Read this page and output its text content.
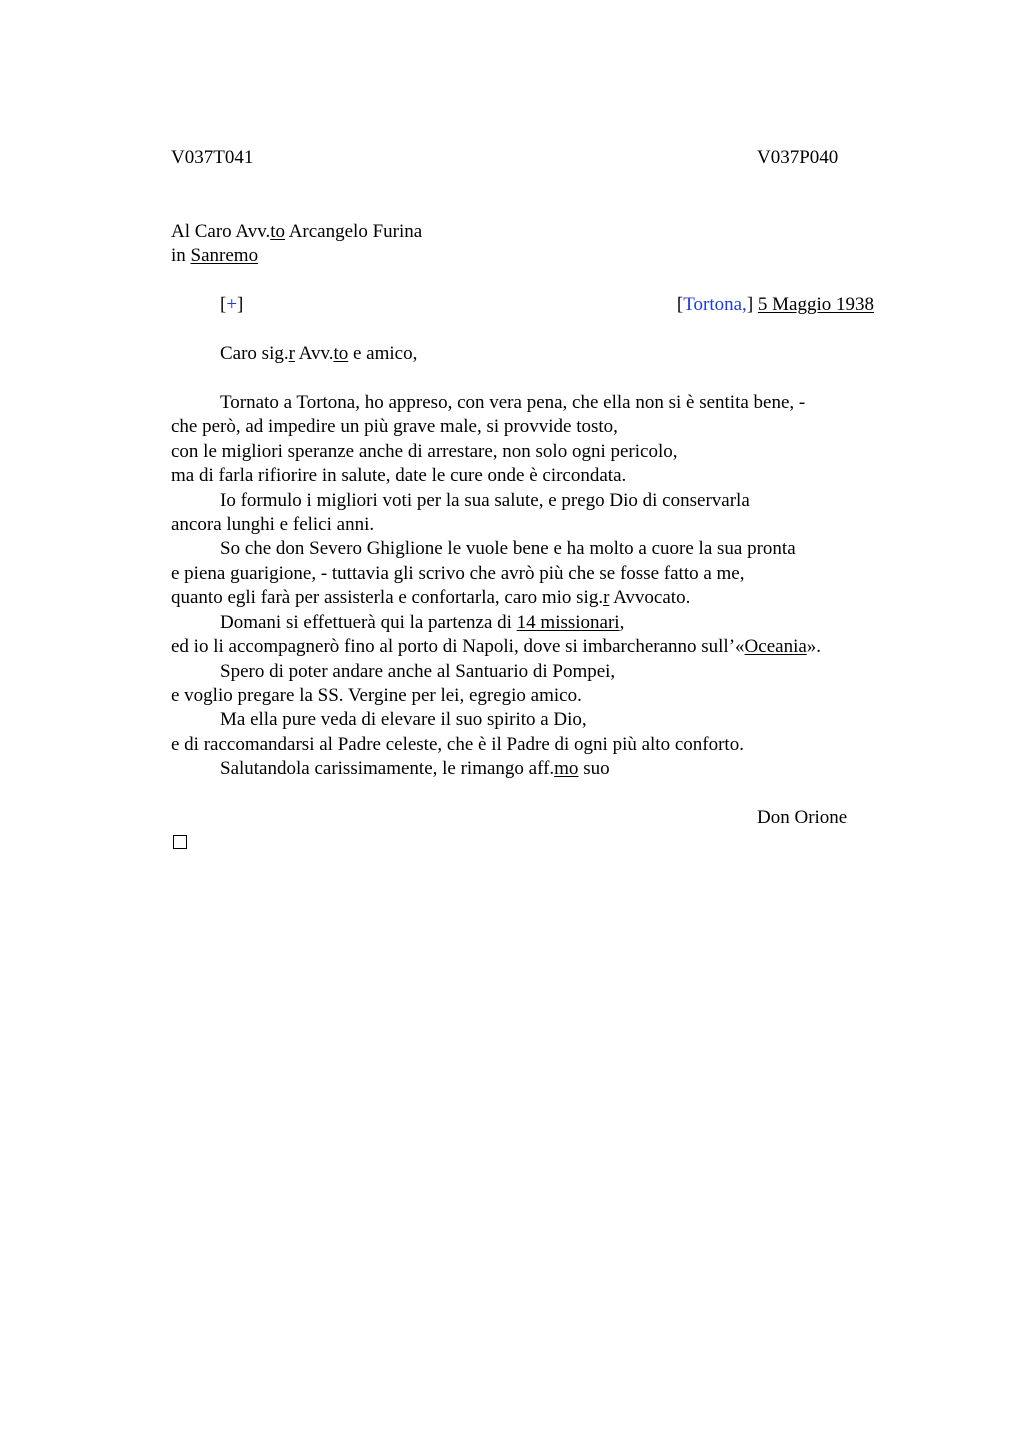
V037T041	V037P040
Al Caro Avv.to Arcangelo Furina
in Sanremo
[+]	[Tortona,] 5 Maggio 1938
Caro sig.r Avv.to e amico,
Tornato a Tortona, ho appreso, con vera pena, che ella non si è sentita bene, -
che però, ad impedire un più grave male, si provvide tosto,
con le migliori speranze anche di arrestare, non solo ogni pericolo,
ma di farla rifiorire in salute, date le cure onde è circondata.
Io formulo i migliori voti per la sua salute, e prego Dio di conservarla
ancora lunghi e felici anni.
So che don Severo Ghiglione le vuole bene e ha molto a cuore la sua pronta
e piena guarigione, - tuttavia gli scrivo che avrò più che se fosse fatto a me,
quanto egli farà per assisterla e confortarla, caro mio sig.r Avvocato.
Domani si effettuerà qui la partenza di 14 missionari,
ed io li accompagnerò fino al porto di Napoli, dove si imbarcheranno sull’«Oceania».
Spero di poter andare anche al Santuario di Pompei,
e voglio pregare la SS. Vergine per lei, egregio amico.
Ma ella pure veda di elevare il suo spirito a Dio,
e di raccomandarsi al Padre celeste, che è il Padre di ogni più alto conforto.
Salutandola carissimamente, le rimango aff.mo suo
Don Orione
